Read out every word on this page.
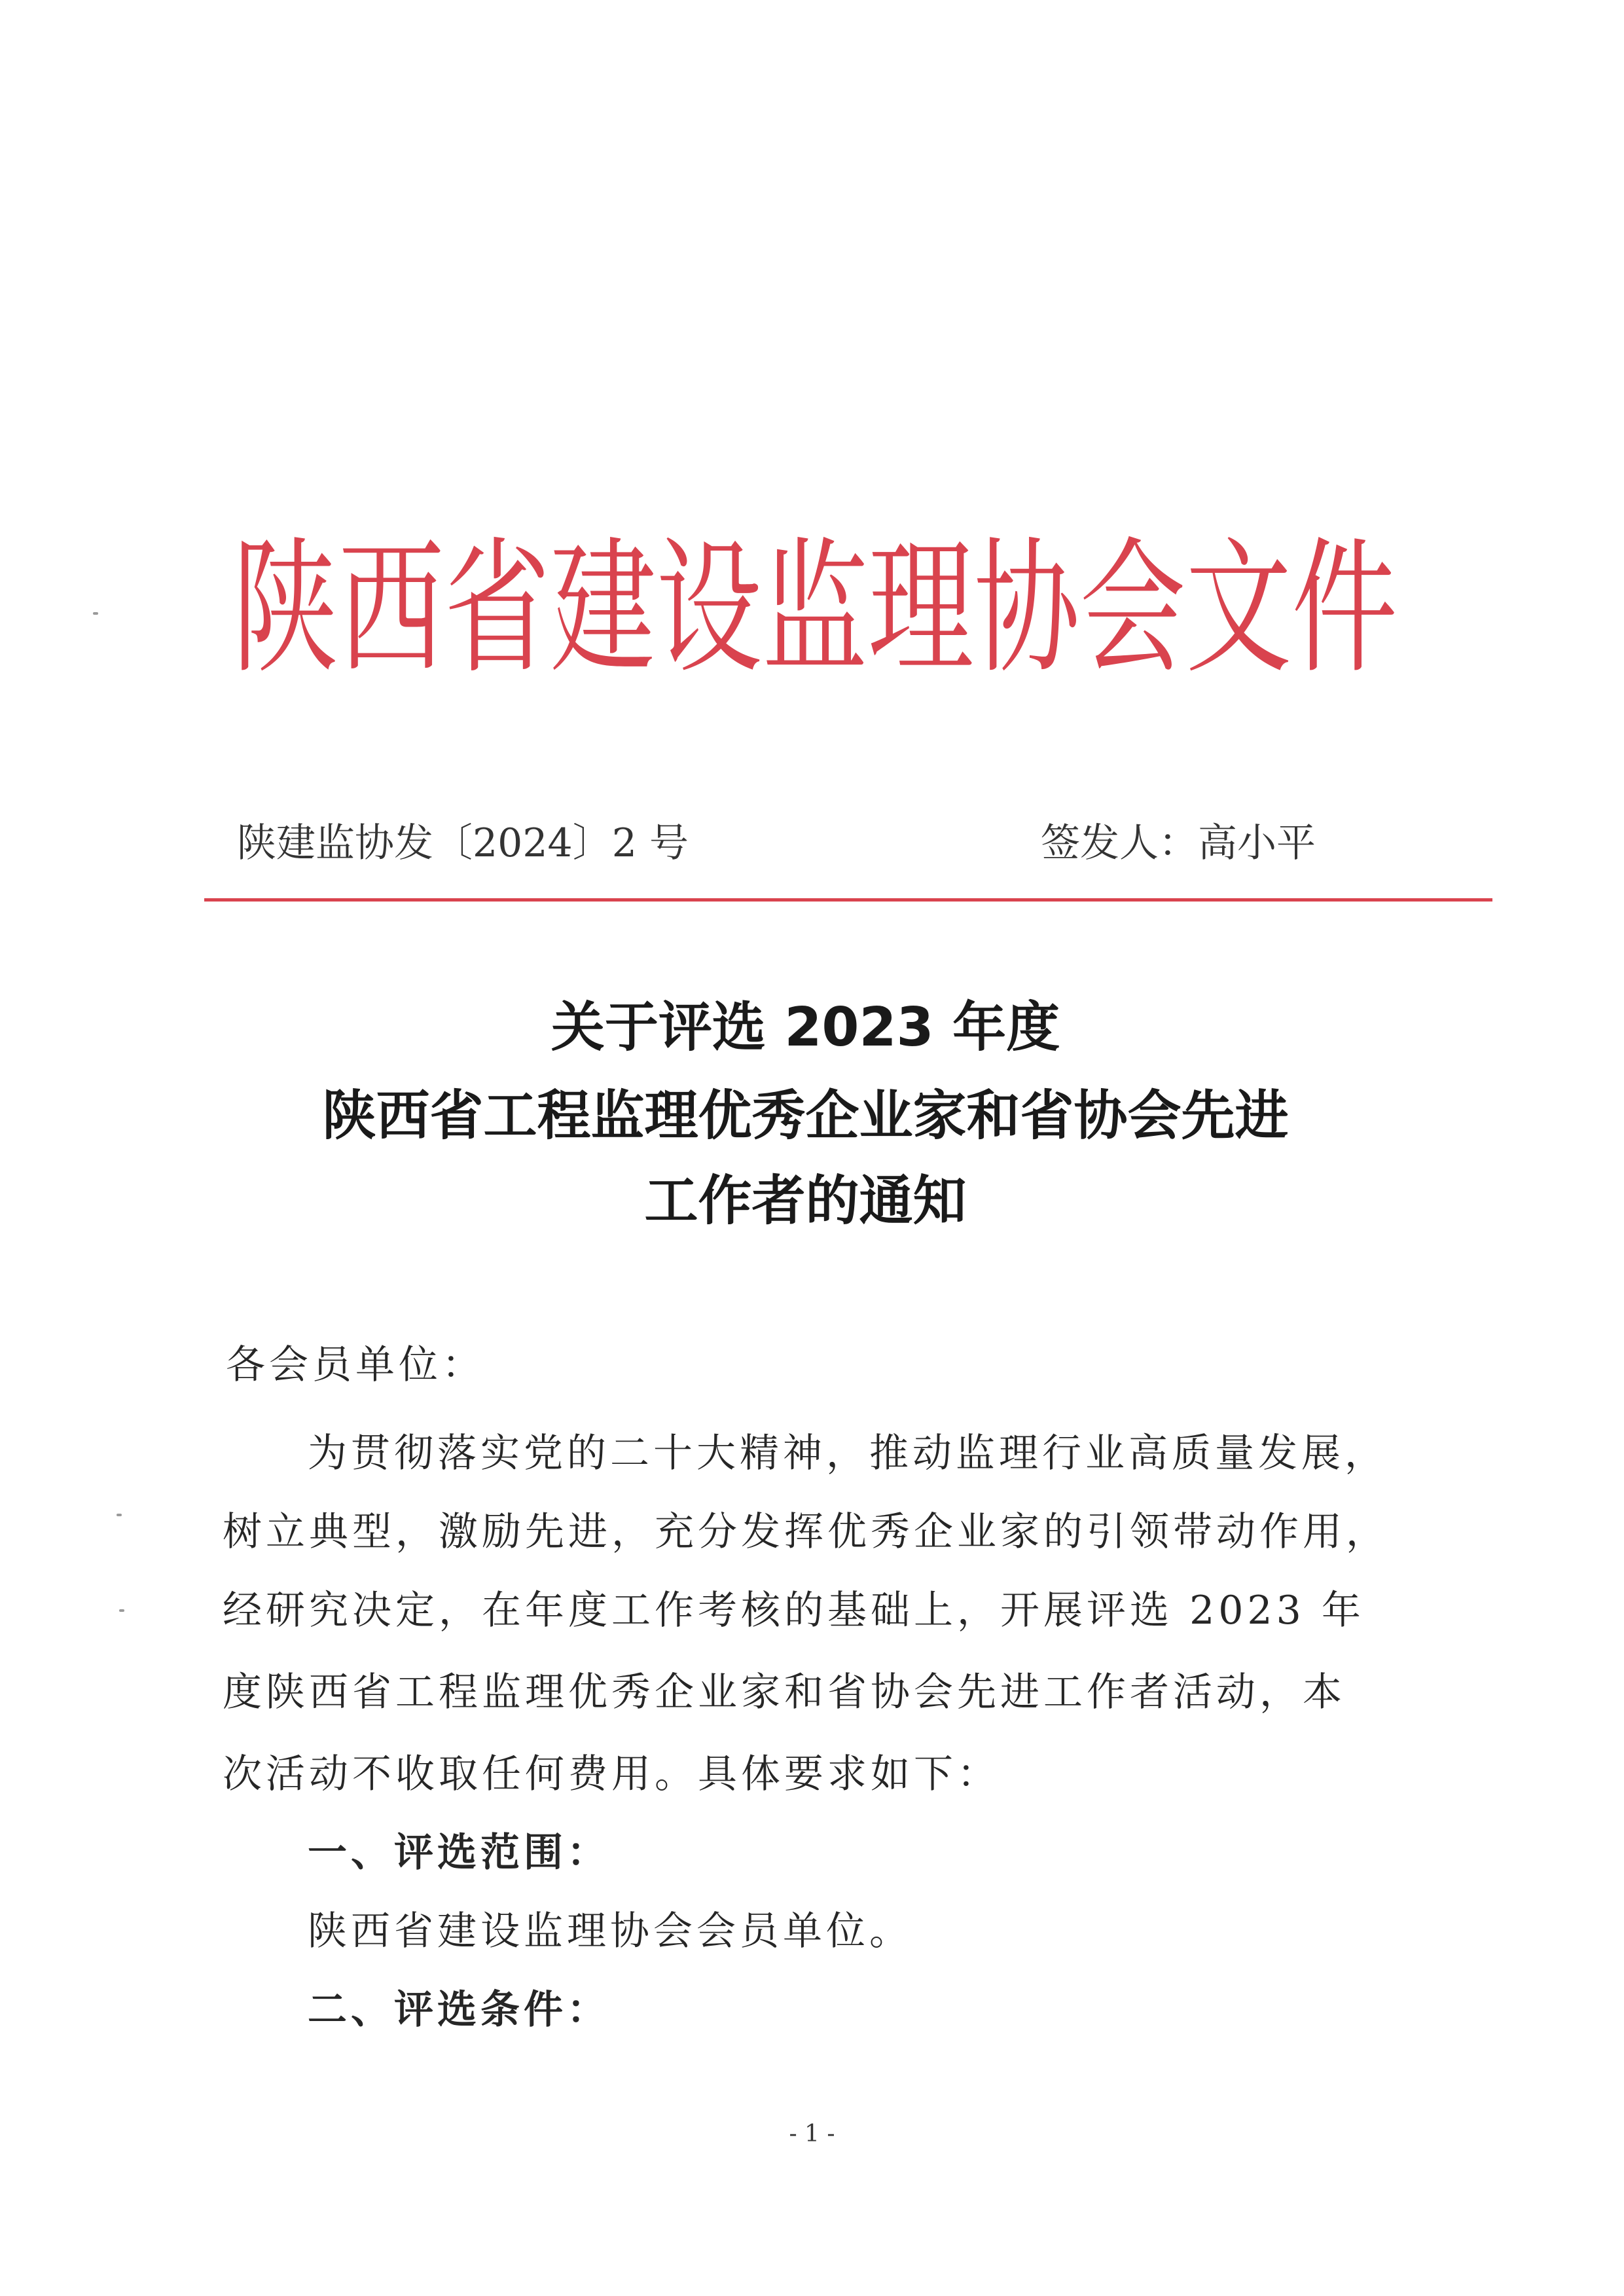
陕西省建设监理协会文件
陕建监协发〔2024〕2 号	签发人：高小平
关于评选 2023 年度
陕西省工程监理优秀企业家和省协会先进
工作者的通知
各会员单位：
为贯彻落实党的二十大精神，推动监理行业高质量发展，
树立典型，激励先进，充分发挥优秀企业家的引领带动作用，
经研究决定，在年度工作考核的基础上，开展评选 2023 年
度陕西省工程监理优秀企业家和省协会先进工作者活动，本
次活动不收取任何费用。具体要求如下：
一、评选范围：
陕西省建设监理协会会员单位。
二、评选条件：
- 1 -
